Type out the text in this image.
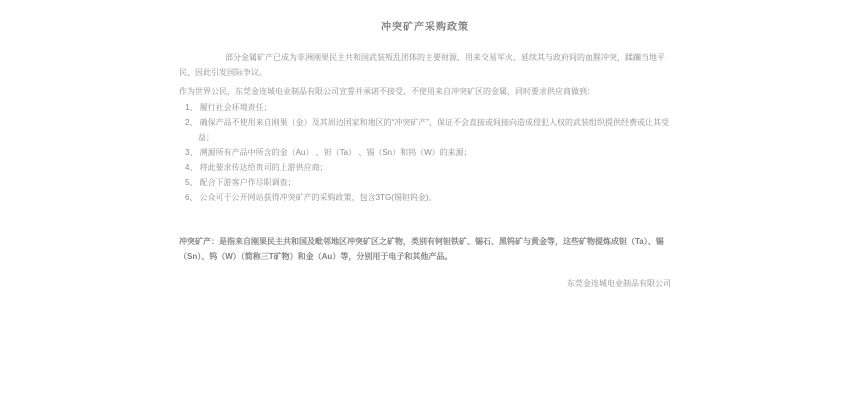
冲突矿产采购政策

部分金属矿产已成为非洲刚果民主共和国武装叛乱团体的主要财源，用来交易军火、延续其与政府间的血腥冲突，蹂躏当地平民，因此引发国际争议。

作为世界公民，东莞金连城电业制品有限公司宣誓并承诺不接受、不使用来自冲突矿区的金属，同时要求供应商做到：

1、 履行社会环境责任；
2、 确保产品不使用来自刚果（金）及其周边国家和地区的“冲突矿产”，保证不会直接或间接向造成侵犯人权的武装组织提供经费或让其受益；
3、 溯源所有产品中所含的金（Au） 、钽（Ta） 、锡（Sn）和钨（W）的来源；
4、 将此要求传达给贵司的上游供应商；
5、 配合下游客户作尽职调查；
6、 公众可于公开网站获得冲突矿产的采购政策，包含3TG(锡钽钨金)。

冲突矿产：是指来自刚果民主共和国及毗邻地区冲突矿区之矿物，类别有钶钽铁矿、锡石、黑钨矿与黄金等，这些矿物提炼成钽（Ta）、锡（Sn）、钨（W）（简称三T矿物）和金（Au）等，分别用于电子和其他产品。

东莞金连城电业制品有限公司
